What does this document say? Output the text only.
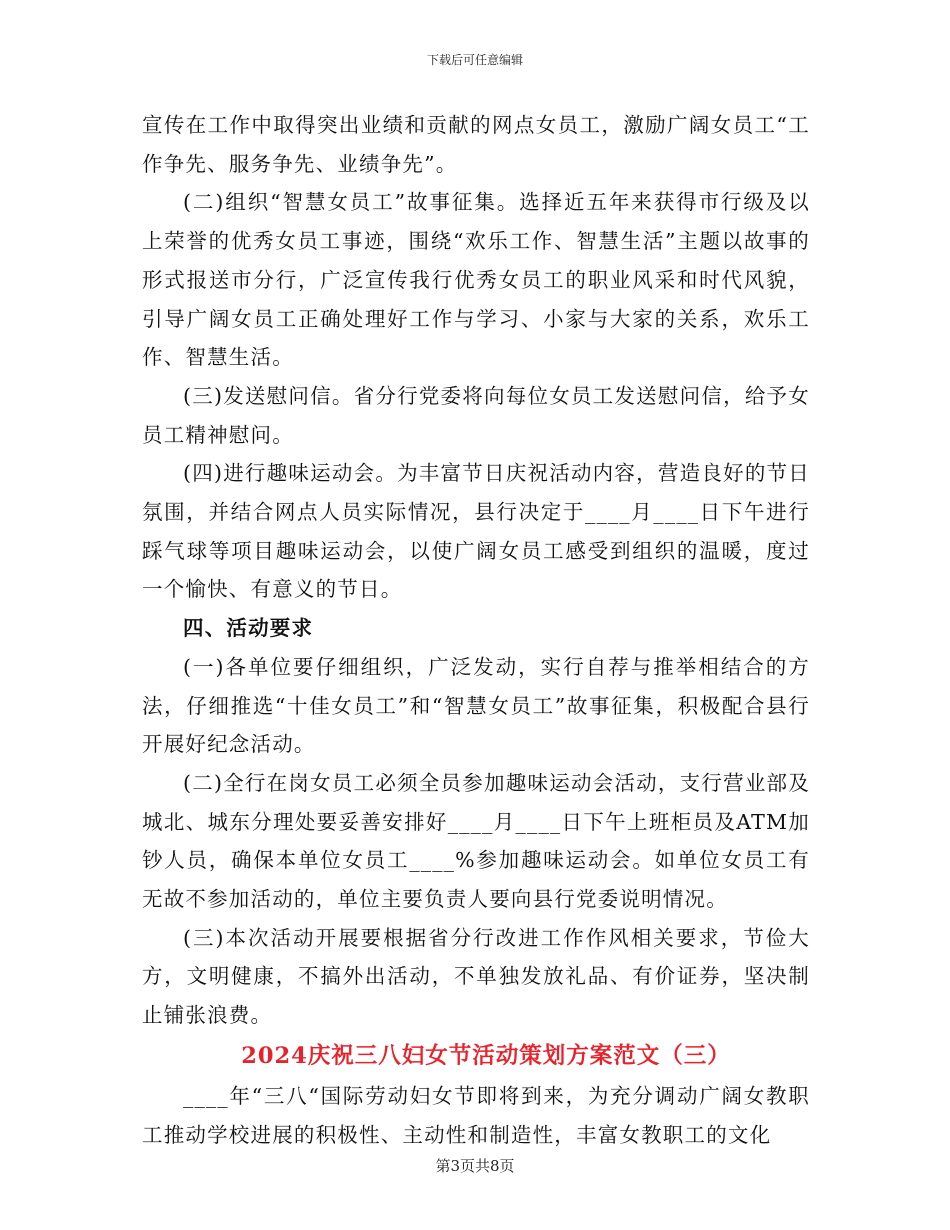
下载后可任意编辑

宣传在工作中取得突出业绩和贡献的网点女员工，激励广阔女员工“工作争先、服务争先、业绩争先”。

(二)组织“智慧女员工”故事征集。选择近五年来获得市行级及以上荣誉的优秀女员工事迹，围绕“欢乐工作、智慧生活”主题以故事的形式报送市分行，广泛宣传我行优秀女员工的职业风采和时代风貌，引导广阔女员工正确处理好工作与学习、小家与大家的关系，欢乐工作、智慧生活。

(三)发送慰问信。省分行党委将向每位女员工发送慰问信，给予女员工精神慰问。

(四)进行趣味运动会。为丰富节日庆祝活动内容，营造良好的节日氛围，并结合网点人员实际情况，县行决定于____月____日下午进行踩气球等项目趣味运动会，以使广阔女员工感受到组织的温暖，度过一个愉快、有意义的节日。

四、活动要求

(一)各单位要仔细组织，广泛发动，实行自荐与推举相结合的方法，仔细推选“十佳女员工”和“智慧女员工”故事征集，积极配合县行开展好纪念活动。

(二)全行在岗女员工必须全员参加趣味运动会活动，支行营业部及城北、城东分理处要妥善安排好____月____日下午上班柜员及ATM加钞人员，确保本单位女员工____%参加趣味运动会。如单位女员工有无故不参加活动的，单位主要负责人要向县行党委说明情况。

(三)本次活动开展要根据省分行改进工作作风相关要求，节俭大方，文明健康，不搞外出活动，不单独发放礼品、有价证券，坚决制止铺张浪费。

2024庆祝三八妇女节活动策划方案范文（三）

____年“三八“国际劳动妇女节即将到来，为充分调动广阔女教职工推动学校进展的积极性、主动性和制造性，丰富女教职工的文化

第3页共8页
